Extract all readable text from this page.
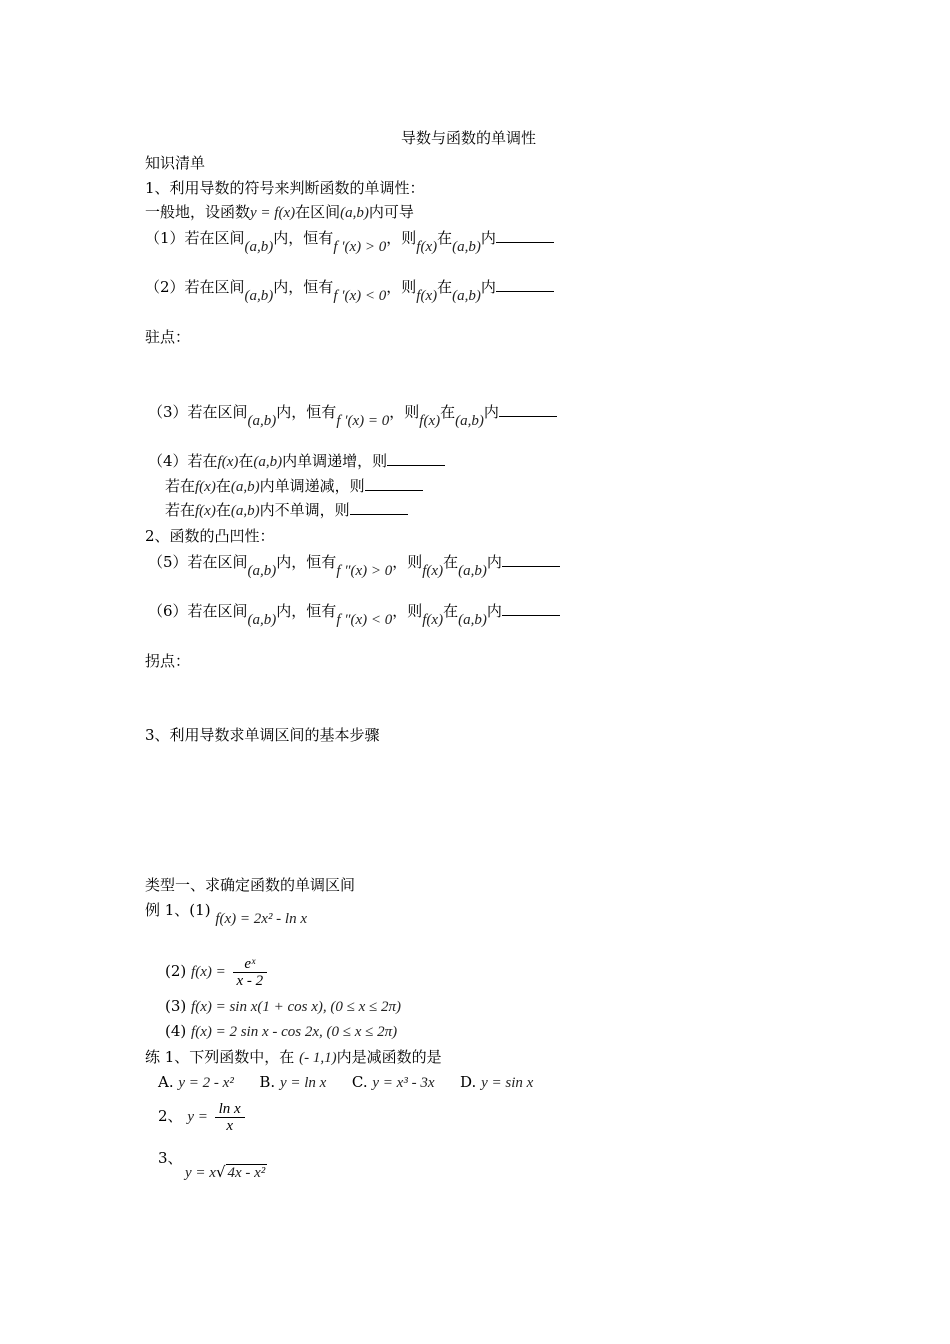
导数与函数的单调性
知识清单
1、利用导数的符号来判断函数的单调性：
一般地，设函数y = f(x)在区间(a,b)内可导
（1）若在区间(a,b)内，恒有f ′(x) > 0，则f(x)在(a,b)内
（2）若在区间(a,b)内，恒有f ′(x) < 0，则f(x)在(a,b)内
驻点：
（3）若在区间(a,b)内，恒有f ′(x) = 0，则f(x)在(a,b)内
（4）若在f(x)在(a,b)内单调递增，则
若在f(x)在(a,b)内单调递减，则
若在f(x)在(a,b)内不单调，则
2、函数的凸凹性：
（5）若在区间(a,b)内，恒有f ″(x) > 0，则f(x)在(a,b)内
（6）若在区间(a,b)内，恒有f ″(x) < 0，则f(x)在(a,b)内
拐点：
3、利用导数求单调区间的基本步骤
类型一、求确定函数的单调区间
例 1、(1) f(x) = 2x² - ln x
(2) $f(x) = \frac{\text{eˣ}}{x - 2}$
(3) f(x) = sin x(1 + cos x), (0 ≤ x ≤ 2π)
(4) f(x) = 2 sin x - cos 2x, (0 ≤ x ≤ 2π)
练 1、下列函数中，在 (- 1,1)内是减函数的是
A. y = 2 - x² B. y = ln x C. y = x³ - 3x D. y = sin x
2、 $y = \frac{\text{ln x}}{x}$
3、
y = x√ 4x - x²
